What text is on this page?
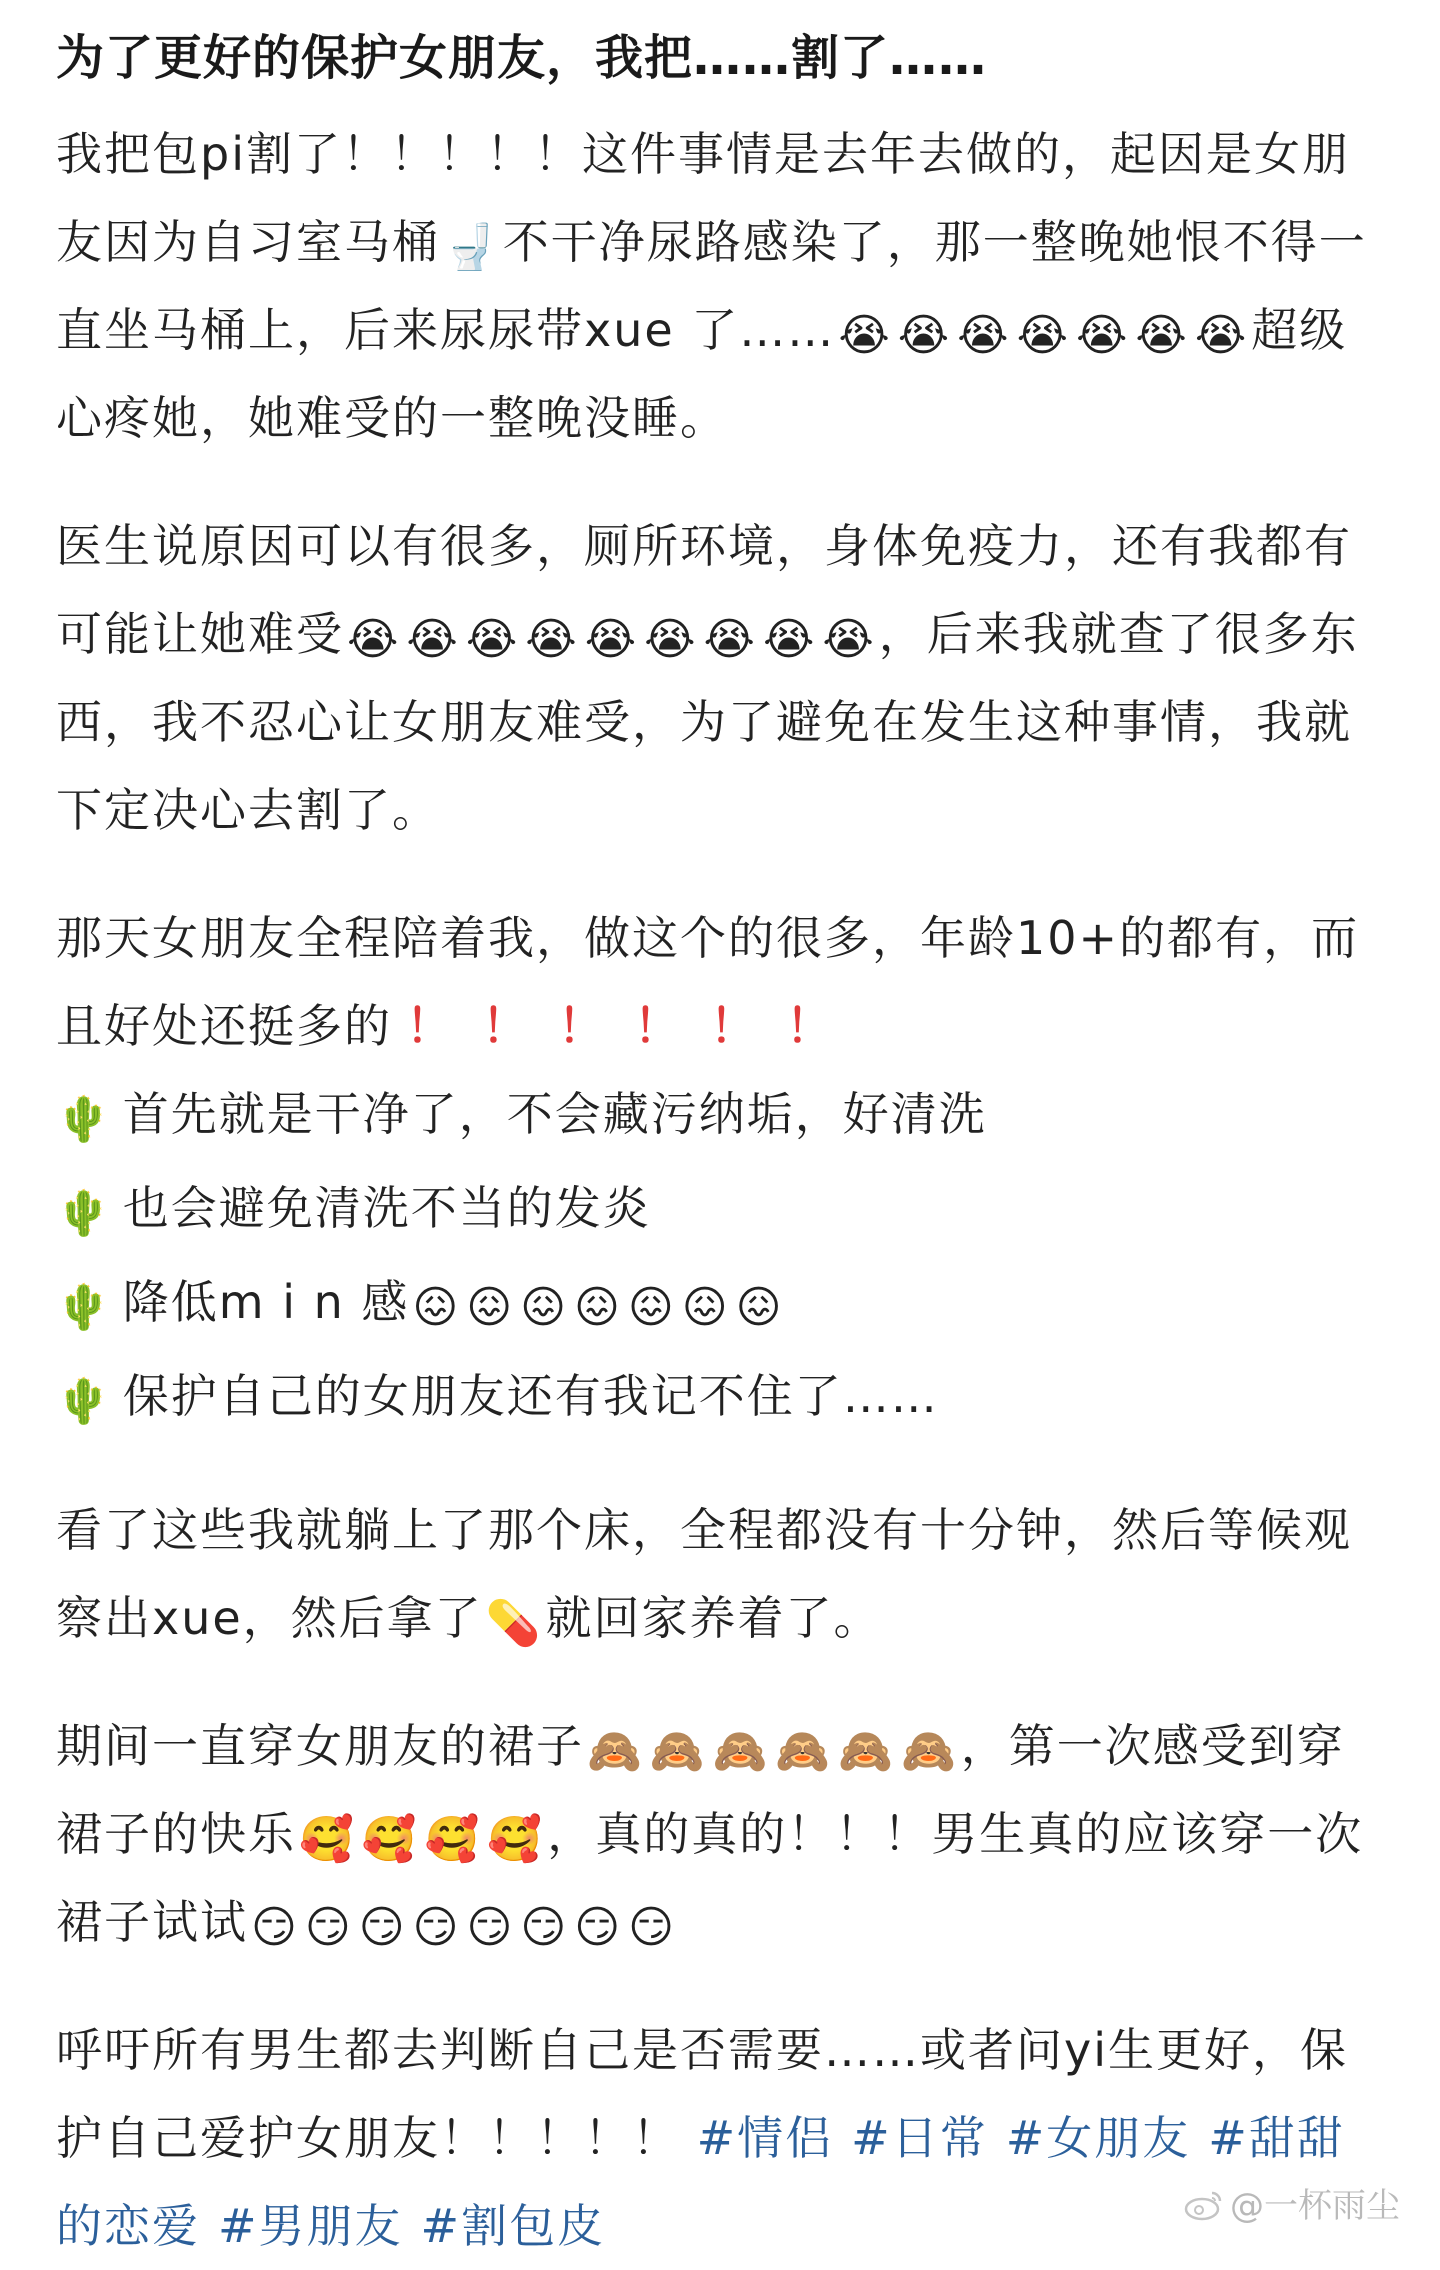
为了更好的保护女朋友，我把……割了……

我把包pi割了！！！！！这件事情是去年去做的，起因是女朋友因为自习室马桶🚽不干净尿路感染了，那一整晚她恨不得一直坐马桶上，后来尿尿带xue 了……😭 😭 😭 😭 😭 😭 😭超级心疼她，她难受的一整晚没睡。

医生说原因可以有很多，厕所环境，身体免疫力，还有我都有可能让她难受😭 😭 😭 😭 😭 😭 😭 😭 😭，后来我就查了很多东西，我不忍心让女朋友难受，为了避免在发生这种事情，我就下定决心去割了。

那天女朋友全程陪着我，做这个的很多，年龄10+的都有，而且好处还挺多的 ！ ！ ！ ！ ！ ！
🌵 首先就是干净了，不会藏污纳垢，好清洗
🌵 也会避免清洗不当的发炎
🌵 降低m i n 感😖 😖 😖 😖 😖 😖 😖
🌵 保护自己的女朋友还有我记不住了……

看了这些我就躺上了那个床，全程都没有十分钟，然后等候观察出xue，然后拿了💊就回家养着了。

期间一直穿女朋友的裙子🙈 🙈 🙈 🙈 🙈 🙈，第一次感受到穿裙子的快乐🥰 🥰 🥰 🥰，真的真的！！！男生真的应该穿一次裙子试试😏 😏 😏 😏 😏 😏 😏 😏

呼吁所有男生都去判断自己是否需要……或者问yi生更好，保护自己爱护女朋友！！！！！ #情侣 #日常 #女朋友 #甜甜的恋爱 #男朋友 #割包皮	@一杯雨尘
